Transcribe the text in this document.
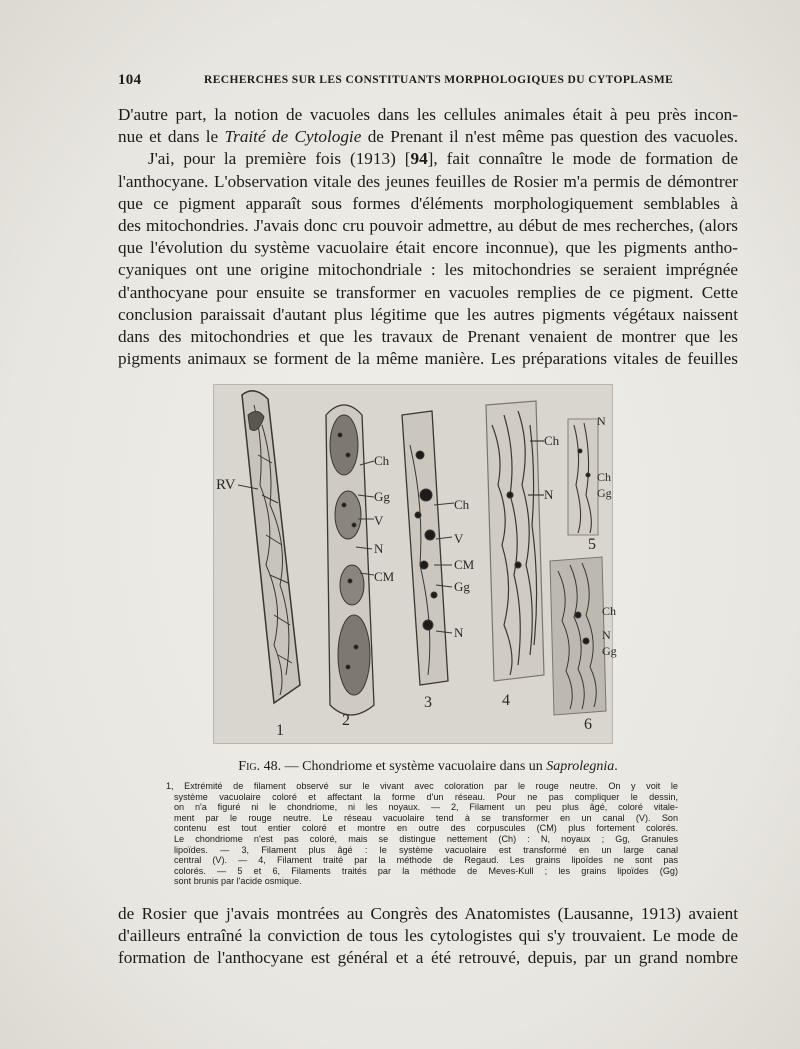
104	RECHERCHES SUR LES CONSTITUANTS MORPHOLOGIQUES DU CYTOPLASME
D'autre part, la notion de vacuoles dans les cellules animales était à peu près incon-
nue et dans le Traité de Cytologie de Prenant il n'est même pas question des vacuoles.
J'ai, pour la première fois (1913) [94], fait connaître le mode de formation de
l'anthocyane. L'observation vitale des jeunes feuilles de Rosier m'a permis de démontrer
que ce pigment apparaît sous formes d'éléments morphologiquement semblables à
des mitochondries. J'avais donc cru pouvoir admettre, au début de mes recherches, (alors
que l'évolution du système vacuolaire était encore inconnue), que les pigments antho-
cyaniques ont une origine mitochondriale : les mitochondries se seraient imprégnée
d'anthocyane pour ensuite se transformer en vacuoles remplies de ce pigment. Cette
conclusion paraissait d'autant plus légitime que les autres pigments végétaux naissent
dans des mitochondries et que les travaux de Prenant venaient de montrer que les
pigments animaux se forment de la même manière. Les préparations vitales de feuilles
RV
1
Ch
Gg
V
N
CM
2
Ch
V
CM
Gg
N
3
Ch
N
4
N
Ch
Gg
5
Ch
N
Gg
6
Fig. 48. — Chondriome et système vacuolaire dans un Saprolegnia.
1, Extrémité de filament observé sur le vivant avec coloration par le rouge neutre. On y voit le
système vacuolaire coloré et affectant la forme d'un réseau. Pour ne pas compliquer le dessin,
on n'a figuré ni le chondriome, ni les noyaux. — 2, Filament un peu plus âgé, coloré vitale-
ment par le rouge neutre. Le réseau vacuolaire tend à se transformer en un canal (V). Son
contenu est tout entier coloré et montre en outre des corpuscules (CM) plus fortement colorés.
Le chondriome n'est pas coloré, mais se distingue nettement (Ch) : N, noyaux ; Gg, Granules
lipoïdes. — 3, Filament plus âgé : le système vacuolaire est transformé en un large canal
central (V). — 4, Filament traité par la méthode de Regaud. Les grains lipoïdes ne sont pas
colorés. — 5 et 6, Filaments traités par la méthode de Meves-Kull ; les grains lipoïdes (Gg)
sont brunis par l'acide osmique.
de Rosier que j'avais montrées au Congrès des Anatomistes (Lausanne, 1913) avaient
d'ailleurs entraîné la conviction de tous les cytologistes qui s'y trouvaient. Le mode de
formation de l'anthocyane est général et a été retrouvé, depuis, par un grand nombre
